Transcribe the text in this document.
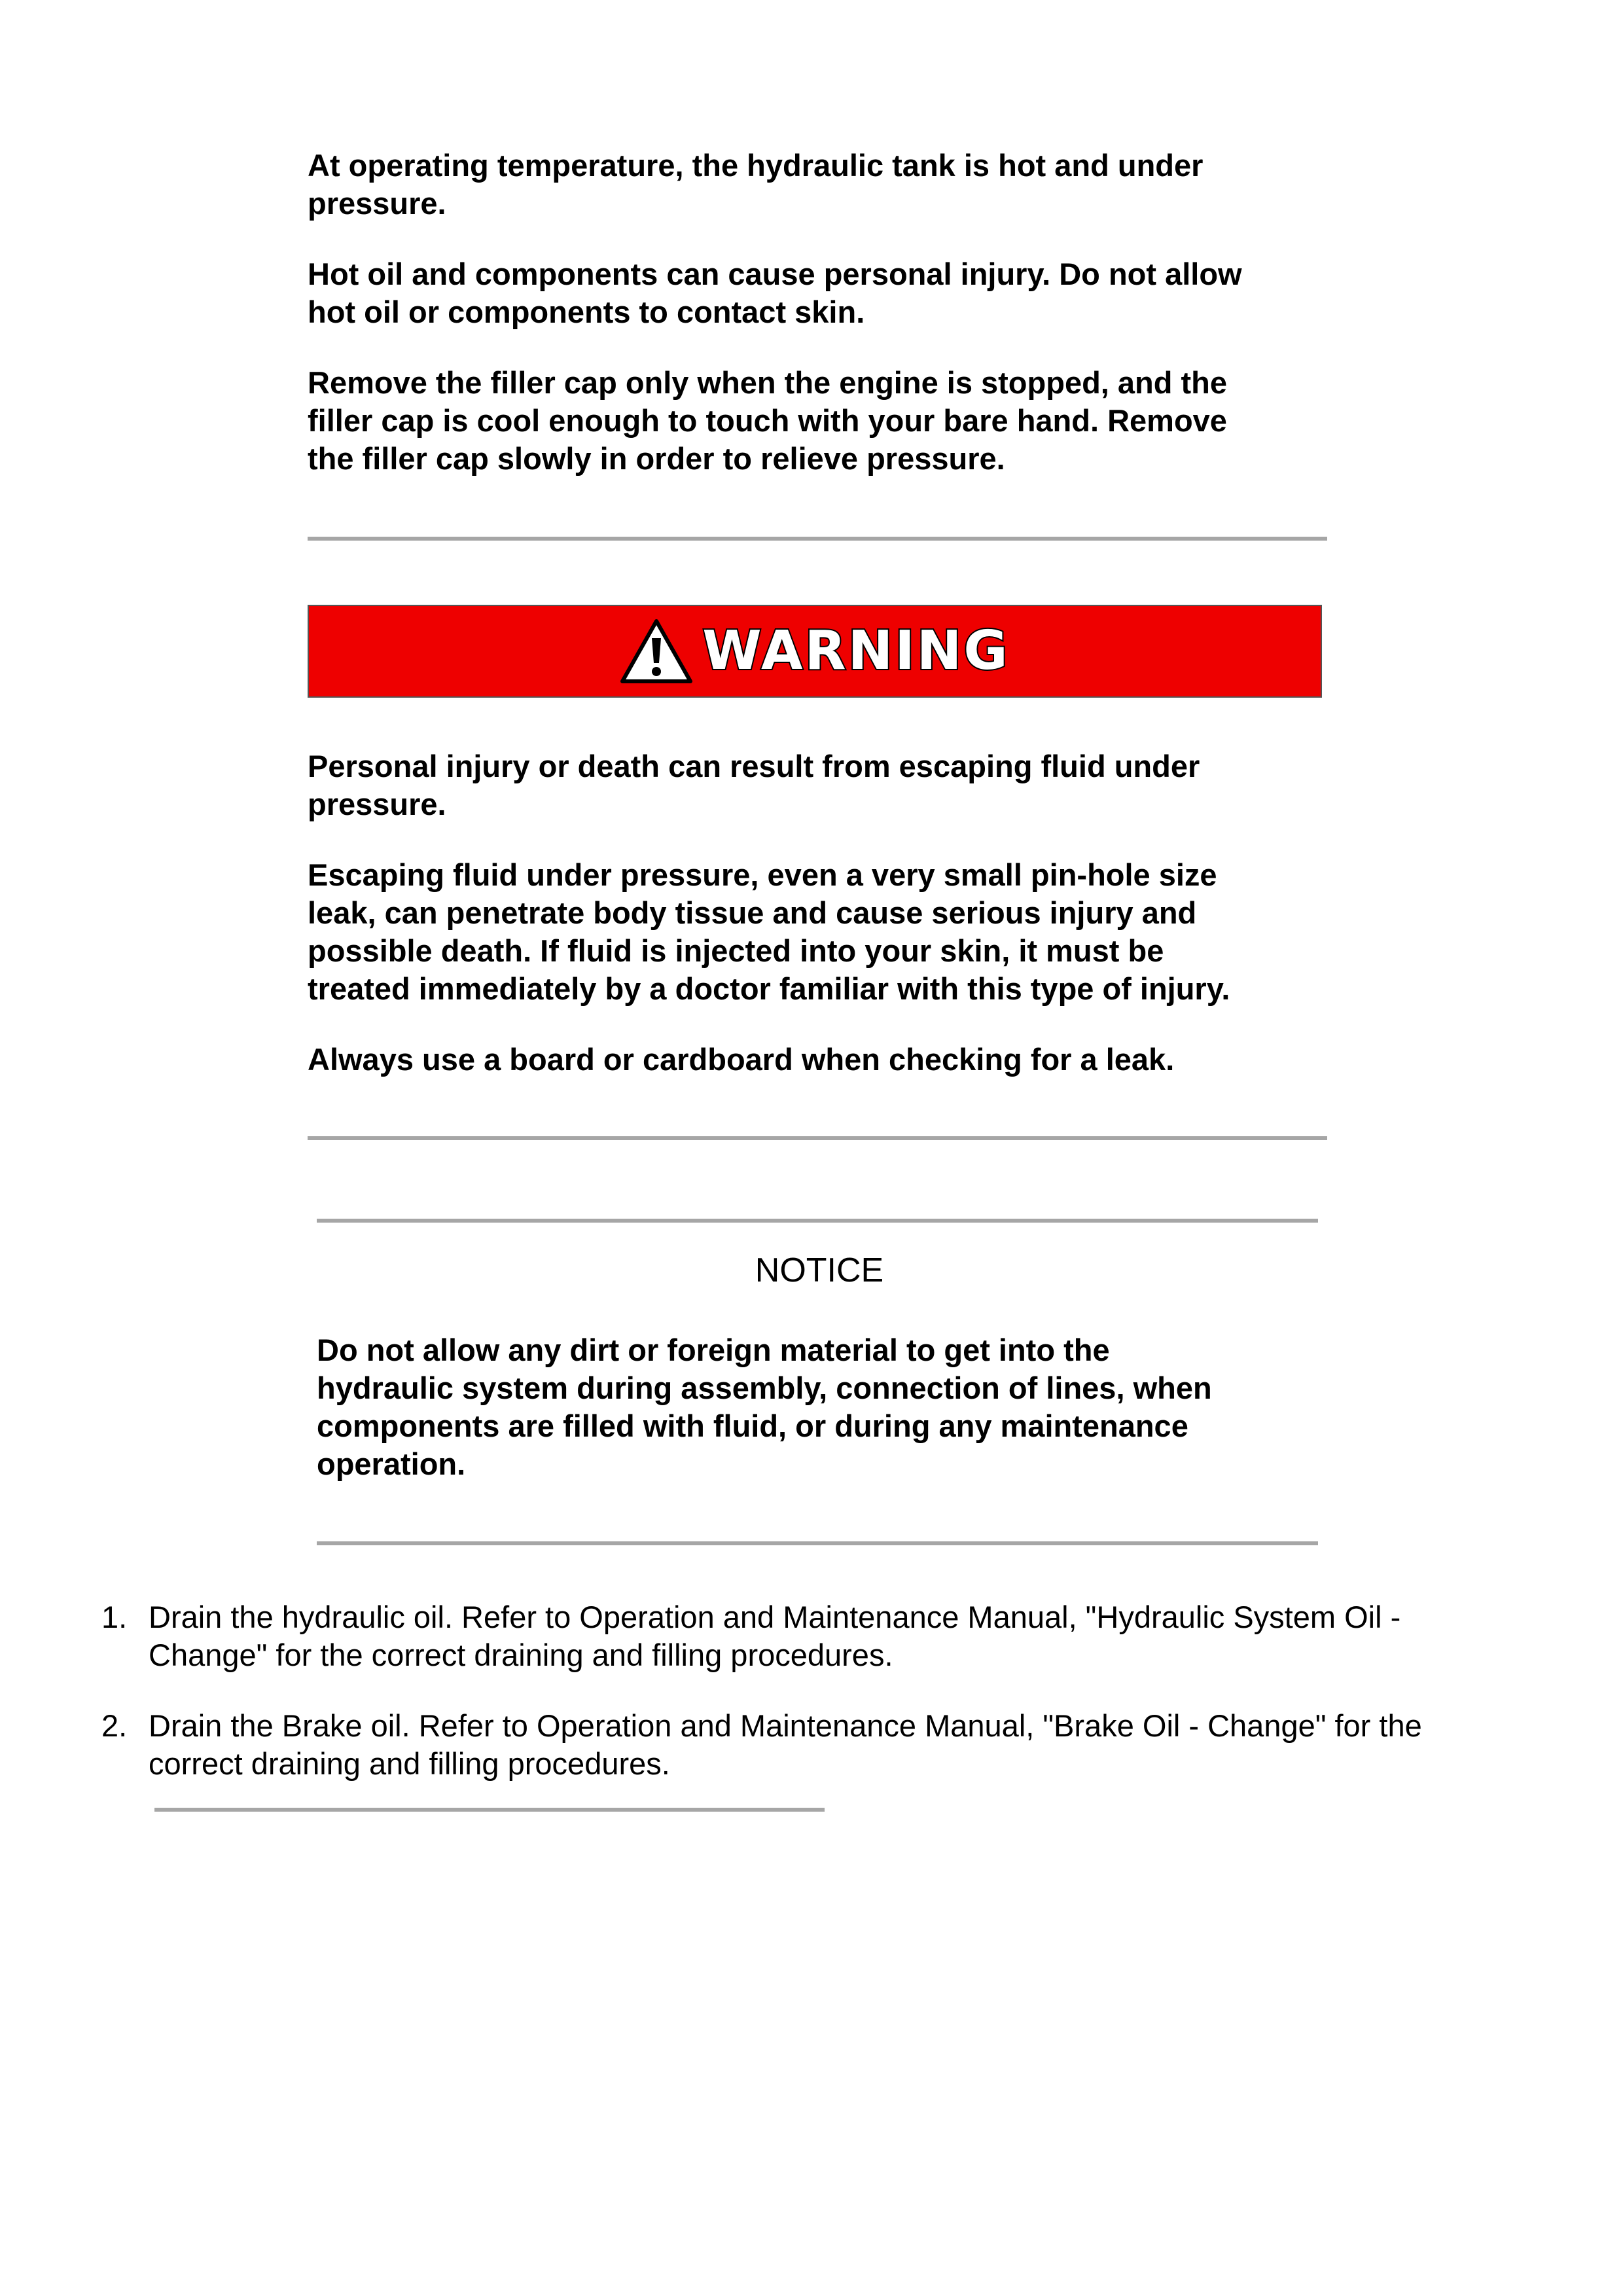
At operating temperature, the hydraulic tank is hot and under
pressure.

Hot oil and components can cause personal injury. Do not allow
hot oil or components to contact skin.

Remove the filler cap only when the engine is stopped, and the
filler cap is cool enough to touch with your bare hand. Remove
the filler cap slowly in order to relieve pressure.

WARNING

Personal injury or death can result from escaping fluid under
pressure.

Escaping fluid under pressure, even a very small pin-hole size
leak, can penetrate body tissue and cause serious injury and
possible death. If fluid is injected into your skin, it must be
treated immediately by a doctor familiar with this type of injury.

Always use a board or cardboard when checking for a leak.

NOTICE

Do not allow any dirt or foreign material to get into the
hydraulic system during assembly, connection of lines, when
components are filled with fluid, or during any maintenance
operation.

1. Drain the hydraulic oil. Refer to Operation and Maintenance Manual, "Hydraulic System Oil -
Change" for the correct draining and filling procedures.
2. Drain the Brake oil. Refer to Operation and Maintenance Manual, "Brake Oil - Change" for the
correct draining and filling procedures.
